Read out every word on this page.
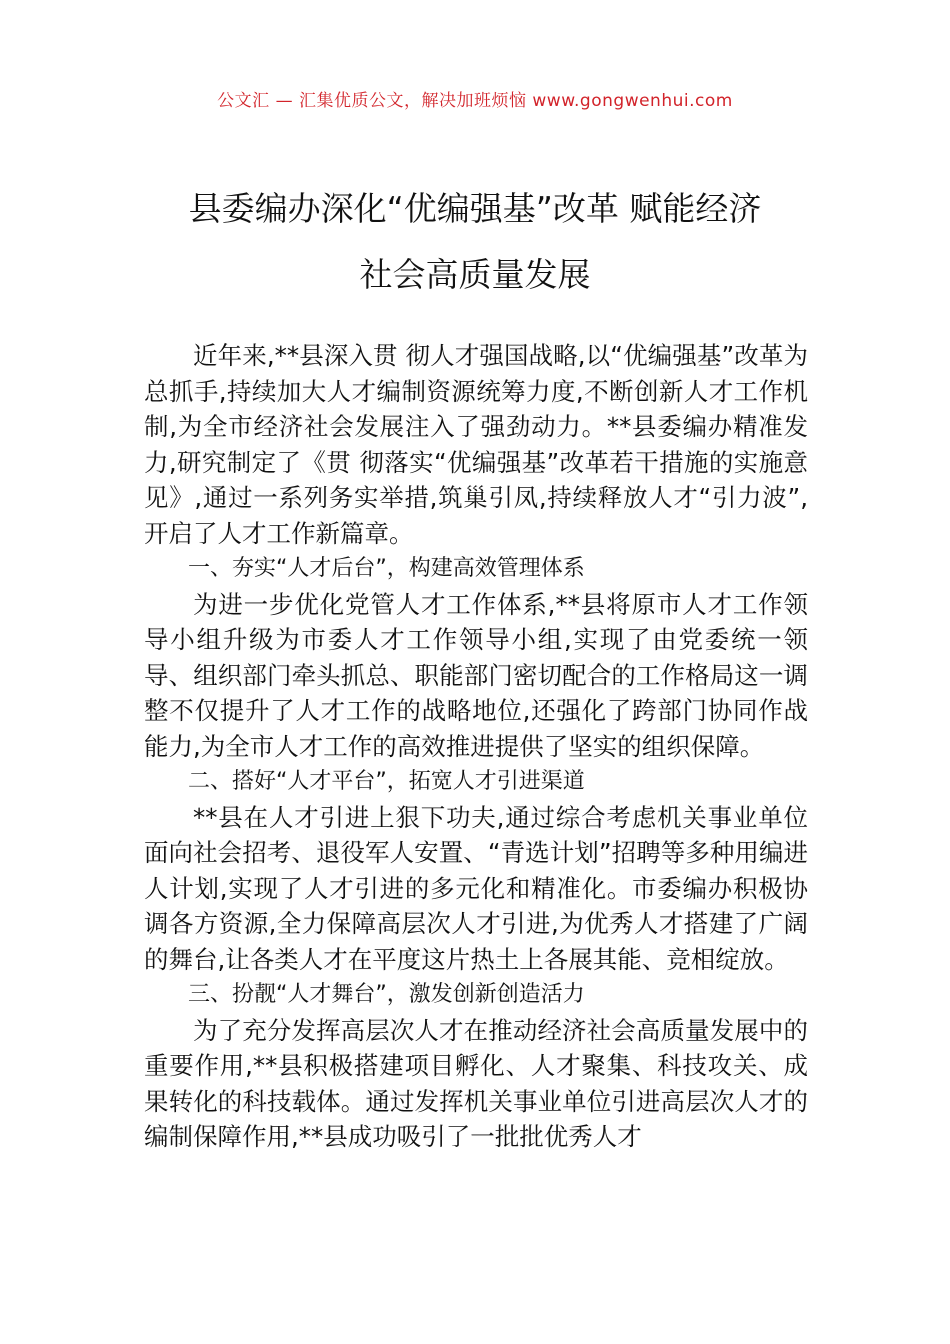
公文汇 — 汇集优质公文，解决加班烦恼 www.gongwenhui.com
县委编办深化“优编强基”改革 赋能经济
社会高质量发展

近年来,**县深入贯 彻人才强国战略,以“优编强基”改革为总抓手,持续加大人才编制资源统筹力度,不断创新人才工作机制,为全市经济社会发展注入了强劲动力。**县委编办精准发力,研究制定了《贯 彻落实“优编强基”改革若干措施的实施意见》,通过一系列务实举措,筑巢引凤,持续释放人才“引力波”,开启了人才工作新篇章。

一、夯实“人才后台”，构建高效管理体系

为进一步优化党管人才工作体系,**县将原市人才工作领导小组升级为市委人才工作领导小组,实现了由党委统一领导、组织部门牵头抓总、职能部门密切配合的工作格局这一调整不仅提升了人才工作的战略地位,还强化了跨部门协同作战能力,为全市人才工作的高效推进提供了坚实的组织保障。

二、搭好“人才平台”，拓宽人才引进渠道

**县在人才引进上狠下功夫,通过综合考虑机关事业单位面向社会招考、退役军人安置、“青选计划”招聘等多种用编进人计划,实现了人才引进的多元化和精准化。市委编办积极协调各方资源,全力保障高层次人才引进,为优秀人才搭建了广阔的舞台,让各类人才在平度这片热土上各展其能、竞相绽放。

三、扮靓“人才舞台”，激发创新创造活力

为了充分发挥高层次人才在推动经济社会高质量发展中的重要作用,**县积极搭建项目孵化、人才聚集、科技攻关、成果转化的科技载体。通过发挥机关事业单位引进高层次人才的编制保障作用,**县成功吸引了一批批优秀人才
